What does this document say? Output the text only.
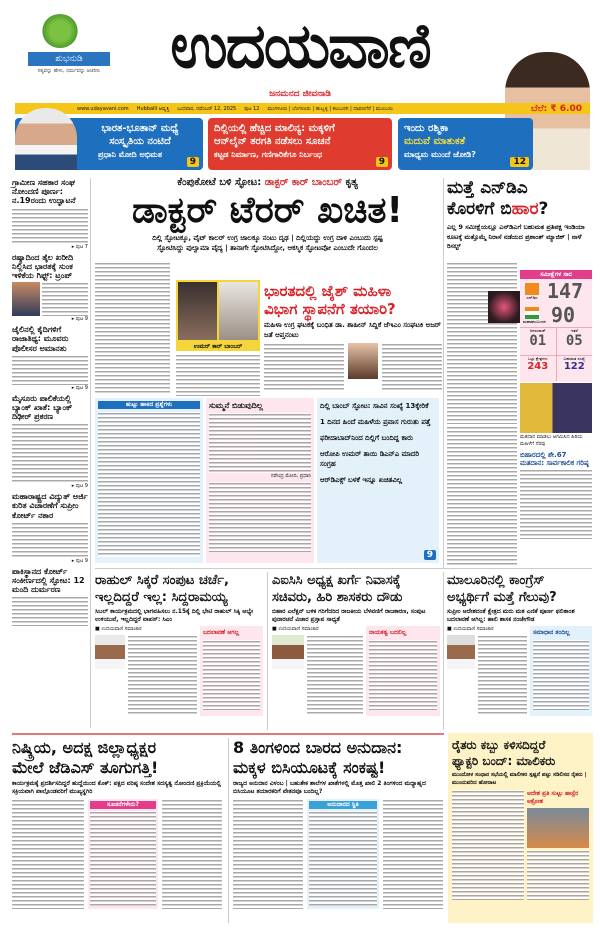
ಶುಭನುಡಿ
ಸತ್ಯವನ್ನು ಹೇಳು, ಧರ್ಮವನ್ನು ಆಚರಿಸು	ಉದಯವಾಣಿ
ಜನಮನದ ಜೀವನಾಡಿ
www.udayavani.com Hubballi ಆವೃತ್ತಿ ಬುಧವಾರ, ನವೆಂಬರ್ 12, 2025 ಪುಟ 12 ಮಂಗಳೂರು | ಬೆಂಗಳೂರು | ಹುಬ್ಬಳ್ಳಿ | ಕಲಬುರಗಿ | ದಾವಣಗೆರೆ | ಮುಂಬಯಿ	ಬೆಲೆ: ₹ 6.00
ಭಾರತ-ಭೂತಾನ್ ಮಧ್ಯೆ
ಸಂಸ್ಕೃತಿಯ ನಂಟಿದೆ
ಪ್ರಧಾನಿ ಮೋದಿ ಅಭಿಮತ
9
ದಿಲ್ಲಿಯಲ್ಲಿ ಹೆಚ್ಚಿದ ಮಾಲಿನ್ಯ: ಮಕ್ಕಳಿಗೆ
ಆನ್‌ಲೈನ್ ತರಗತಿ ನಡೆಸಲು ಸೂಚನೆ
ಕಟ್ಟಡ ನಿರ್ಮಾಣ, ಗಣಿಗಾರಿಕೆಗೂ ನಿರ್ಬಂಧ
9
ಇಂದು ರಶ್ಮಿಕಾ
ಮದುವೆ ಮಾತುಕತೆ
ಮಾಧ್ಯಮ ಮುಂದೆ ಜೋಡಿ?
12
ಗ್ರಾಮೀಣ ಸಹಕಾರ ಸಂಘ ನೋಂದಣಿ ಪೂರ್ಣ: ನ.19ರಂದು ಉದ್ಘಾಟನೆ
▸ ಪುಟ 7
ರಷ್ಯಾದಿಂದ ತೈಲ ಖರೀದಿ ನಿಲ್ಲಿಸಿದ ಭಾರತಕ್ಕೆ ಸುಂಕ ಇಳಿಕೆಯ ಗಿಫ್ಟ್: ಟ್ರಂಪ್
▸ ಪುಟ 9
ಜೈಲಿನಲ್ಲಿ ಕೈದಿಗಳಿಗೆ ರಾಜಾತಿಥ್ಯ: ಮೂವರು ಪೊಲೀಸರ ಅಮಾನತು
▸ ಪುಟ 9
ಮೈಸೂರು ಪಾಲಿಕೆಯಲ್ಲಿ ಬ್ಯಾಂಕ್ ಖಾತೆ: ಬ್ಯಾಂಕ್ ದಿಢೀರ್ ಪ್ರಕರಣ
▸ ಪುಟ 9
ಮಹಾರಾಷ್ಟ್ರದ ವಿದ್ಯುತ್ ಅರ್ಜಿ ಕುರಿತ ವಿಚಾರಣೆಗೆ ಸುಪ್ರೀಂ ಕೋರ್ಟ್ ನಕಾರ
▸ ಪುಟ 9
ಪಾಕಿಸ್ಥಾನದ ಕೋರ್ಟ್ ಸಂಕೀರ್ಣದಲ್ಲಿ ಸ್ಫೋಟ: 12 ಮಂದಿ ದುರ್ಮರಣ
ಕೆಂಪುಕೋಟೆ ಬಳಿ ಸ್ಫೋಟ: ಡಾಕ್ಟರ್ ಕಾರ್ ಬಾಂಬರ್ ಕೃತ್ಯ
ಡಾಕ್ಟರ್ ಟೆರರ್ ಖಚಿತ!
ದಿಲ್ಲಿ ಸ್ಫೋಟಕ್ಕೂ, ವೈಟ್ ಕಾಲರ್ ಉಗ್ರ ಜಾಲಕ್ಕೂ ನಂಟು ದೃಢ | ದಿಲ್ಲಿಯದ್ದು ಉಗ್ರ ದಾಳಿ ಎಂಬುದು ಸ್ಪಷ್ಟ
ಸ್ಫೋಟಿಸಿದ್ದು ಪುಲ್ವಾಮಾ ವೈದ್ಯ | ತಾನಾಗೇ ಸ್ಫೋಟಿಸಿದ್ದೋ, ಆಕಸ್ಮಿಕ ಸ್ಫೋಟವೋ ಎಂಬುದೇ ಗೊಂದಲ
ಉಮರ್ ಕಾರ್ ಬಾಂಬರ್
ಭಾರತದಲ್ಲಿ ಜೈಶ್ ಮಹಿಳಾ
ವಿಭಾಗ ಸ್ಥಾಪನೆಗೆ ತಯಾರಿ?
ಮಹಿಳಾ ಉಗ್ರ ಘಟಕಕ್ಕೆ ಬಂಧಿತ ಡಾ. ಶಾಹೀನ್ ಸಿದ್ದಿಕೆ ಜೆಇಎಂ ಸಂಘಟಕಿ ಅಜರ್ ಜತೆ ಆಪ್ತನಂಟು
ಹುಟ್ಟು ಹಾಕಿದ ಪ್ರಶ್ನೆಗಳು	ಸುಮ್ಮನೆ ಬಿಡುವುದಿಲ್ಲ
ನರೇಂದ್ರ ಮೋದಿ, ಪ್ರಧಾನಿ
ದಿಲ್ಲಿ ಬಾಂಬ್ ಸ್ಫೋಟ: ಸಾವಿನ ಸಂಖ್ಯೆ 13ಕ್ಕೇರಿಕೆ
1 ದಿನದ ಹಿಂದೆ ಮಹಿಳೆಯ ಪ್ರವಾಸ ಗುರುತು ಪತ್ತೆ
ಫರೀದಾಬಾದ್‌ನಿಂದ ದಿಲ್ಲಿಗೆ ಬಂದಿದ್ದ ಕಾರು
ಆರೋಪಿ ಉಮರ್ ತಾಯಿ ಡಿಎನ್‌ಎ ಮಾದರಿ ಸಂಗ್ರಹ
ಆರ್‌ಡಿಎಕ್ಸ್ ಬಳಕೆ ಇನ್ನೂ ಖಚಿತವಿಲ್ಲ
9
ಮತ್ತೆ ಎನ್‌ಡಿಎ
ಕೊರಳಿಗೆ ಬಿಹಾರ?
ಎಲ್ಲ 9 ಸಮೀಕ್ಷೆಯಲ್ಲೂ ಎನ್‌ಡಿಎಗೆ ಬಹುಮತ ಪ್ರತಿಪಕ್ಷ ಇಂಡಿಯಾ ಕೂಟಕ್ಕೆ ಮತ್ತೊಮ್ಮೆ ನಿರಾಸೆ ನಡೆಯದ ಪ್ರಶಾಂತ್ ಮ್ಯಾಜಿಕ್ | ನಾಳೆ ರಿಸಲ್ಟ್
ಸಮೀಕ್ಷೆಗಳ ಸಾರ
ಎನ್‌ಡಿಎ 147
ಮಹಾಘಟಬಂಧನ 90
ಜನಸುರಾಜ್
01
ಇತರೆ
05
ಒಟ್ಟು ಕ್ಷೇತ್ರಗಳು
243
ಬಹುಮತ ಸಂಖ್ಯೆ
122
ಮತದಾನ ಮಾಡಲು ಆಗಮಿಸಿದ ಹಿರಿಯ ಮಹಿಳೆಗೆ ನೆರವು
ಬಿಹಾರದಲ್ಲಿ ಶೇ.67 ಮತದಾನ: ಸಾರ್ವಕಾಲಿಕ ಗರಿಷ್ಠ
ರಾಹುಲ್ ಸಿಕ್ಕರೆ ಸಂಪುಟ ಚರ್ಚೆ,
ಇಲ್ಲದಿದ್ದರೆ ಇಲ್ಲ: ಸಿದ್ದರಾಮಯ್ಯ
ಸಿಬಲ್ ಕಾರ್ಯಕ್ರಮದಲ್ಲಿ ಭಾಗವಹಿಸಲು ನ.15ಕ್ಕೆ ದಿಲ್ಲಿ ಭೇಟಿ ರಾಹುಲ್ ಸಿಕ್ಕಿ ಅಭ್ಯೇ ಉಳಿಯುವೆ, ಇಲ್ಲದಿದ್ದರೆ ವಾಪಸ್: ಸಿಎಂ
■ ಉದಯವಾಣಿ ಸಮಾಚಾರ	ಬದಲಾವಣೆ ಆಗಲ್ಲ
ಎಐಸಿಸಿ ಅಧ್ಯಕ್ಷ ಖರ್ಗೆ ನಿವಾಸಕ್ಕೆ
ಸಚಿವರು, ಹಿರಿ ಶಾಸಕರು ದೌಡು
ಬಿಹಾರ ಎಲೆಕ್ಷನ್ ಬಳಿಕ ಗರಿಗೆದರಿದ ರಾಜಕೀಯ ಬೆಳವಣಿಗೆ ರಾಜಕಾರಣ, ಸಂಪುಟ ಪುನಾರಚನೆ ವಿಚಾರ ಪ್ರಸ್ತಾಪ ಸಾಧ್ಯತೆ
■ ಉದಯವಾಣಿ ಸಮಾಚಾರ	ನಾಯಕತ್ವ ಬದಲಿಲ್ಲ
ಮಾಲೂರಿನಲ್ಲಿ ಕಾಂಗ್ರೆಸ್
ಅಭ್ಯರ್ಥಿಗೆ ಮತ್ತೆ ಗೆಲುವು?
ಸುಪ್ರೀಂ ಆದೇಶದಂತೆ ಕ್ಷೇತ್ರದ ಮರು ಮತ ಎಣಿಕೆ ಪೂರ್ಣ ಫಲಿತಾಂಶ ಬದಲಾವಣೆ ಆಗಿಲ್ಲ: ಹಾಲಿ ಶಾಸಕ ನಂಜೇಗೌಡ
■ ಉದಯವಾಣಿ ಸಮಾಚಾರ	ಸಮಾಧಾನ ತಂದಿಲ್ಲ
ನಿಷ್ಕ್ರಿಯ, ಅದಕ್ಷ ಜಿಲ್ಲಾಧ್ಯಕ್ಷರ
ಮೇಲೆ ಜೆಡಿಎಸ್ ತೂಗುಗತ್ತಿ!
ಕಾರ್ಯಕ್ರಮಕ್ಕೆ ಪ್ರದರ್ಶಿಸದಿದ್ದರೆ ಹುದ್ದೆಯಿಂದ ಕೊಕ್: ಪಕ್ಷದ ವರಿಷ್ಠ ಸಂದೇಶ ಸದಸ್ಯತ್ವ ನೋಂದಣಿ ಪ್ರಕ್ರಿಯೆಯಲ್ಲಿ ಸಕ್ರಿಯವಾಗಿ ಪಾಲ್ಗೊಂಡವರಿಗೆ ಮುಖ್ಯಸ್ಥಗಿರಿ
ಸೂಚನೆಗಳೇನು?
8 ತಿಂಗಳಿಂದ ಬಾರದ ಅನುದಾನ:
ಮಕ್ಕಳ ಬಿಸಿಯೂಟಕ್ಕೆ ಸಂಕಷ್ಟ!
ರಾಜ್ಯದ ಅನುದಾನ ವಿಳಂಬ | ಬಹುತೇಕ ಶಾಲೆಗಳ ಖಾತೆಗಳಲ್ಲಿ ಮೊತ್ತ ಖಾಲಿ 2 ತಿಂಗಳಿಂದ ಮಧ್ಯಾಹ್ನದ ಬಿಸಿಯೂಟ ತಯಾರಕರಿಗೆ ವೇತನವೂ ಬಂದಿಲ್ಲ?
ಅನುದಾನದ ಸ್ಥಿತಿ
ರೈತರು ಕಬ್ಬು ಕಳಿಸದಿದ್ದರೆ
ಫ್ಯಾಕ್ಟರಿ ಬಂದ್: ಮಾಲಿಕರು
ಮುಂದೋಳ ಸಂಧಾನ ಸಭೆಯಲ್ಲಿ ಮಾಲೀಕರ ಸ್ಪಷ್ಟನೆ ಪಟ್ಟು ಸಡಿಲಿಸದ ರೈತರು | ಮುಂದುವರಿದ ಹೋರಾಟ
ಆದೇಶ ಪ್ರತಿ ಸುಟ್ಟು ಹಾಸ್ಟೆರ ಆಕ್ರೋಶ
